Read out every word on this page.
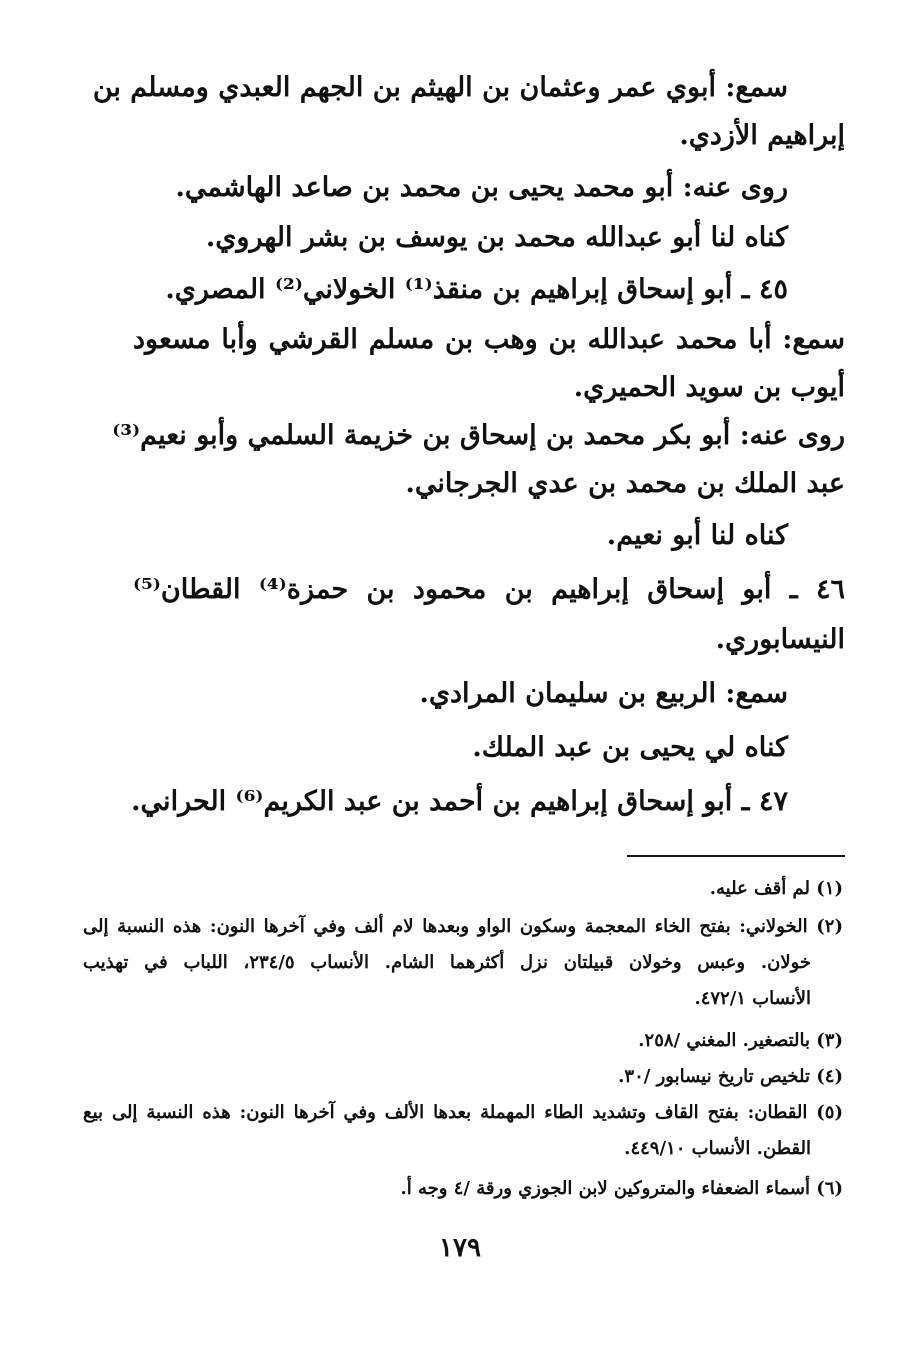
سمع: أبوي عمر وعثمان بن الهيثم بن الجهم العبدي ومسلم بن

إبراهيم الأزدي.

روى عنه: أبو محمد يحيى بن محمد بن صاعد الهاشمي.

كناه لنا أبو عبدالله محمد بن يوسف بن بشر الهروي.

٤٥ ـ أبو إسحاق إبراهيم بن منقذ⁽¹⁾ الخولاني⁽²⁾ المصري.

سمع: أبا محمد عبدالله بن وهب بن مسلم القرشي وأبا مسعود

أيوب بن سويد الحميري.

روى عنه: أبو بكر محمد بن إسحاق بن خزيمة السلمي وأبو نعيم⁽³⁾

عبد الملك بن محمد بن عدي الجرجاني.

كناه لنا أبو نعيم.

٤٦ ـ أبو إسحاق إبراهيم بن محمود بن حمزة⁽⁴⁾ القطان⁽⁵⁾

النيسابوري.

سمع: الربيع بن سليمان المرادي.

كناه لي يحيى بن عبد الملك.

٤٧ ـ أبو إسحاق إبراهيم بن أحمد بن عبد الكريم⁽⁶⁾ الحراني.

(١) لم أقف عليه.

(٢) الخولاني: بفتح الخاء المعجمة وسكون الواو وبعدها لام ألف وفي آخرها النون: هذه النسبة إلى

خولان. وعبس وخولان قبيلتان نزل أكثرهما الشام. الأنساب ٢٣٤/٥، اللباب في تهذيب

الأنساب ٤٧٢/١.

(٣) بالتصغير. المغني /٢٥٨.

(٤) تلخيص تاريخ نيسابور /٣٠.

(٥) القطان: بفتح القاف وتشديد الطاء المهملة بعدها الألف وفي آخرها النون: هذه النسبة إلى بيع

القطن. الأنساب ٤٤٩/١٠.

(٦) أسماء الضعفاء والمتروكين لابن الجوزي ورقة /٤ وجه أ.

١٧٩
